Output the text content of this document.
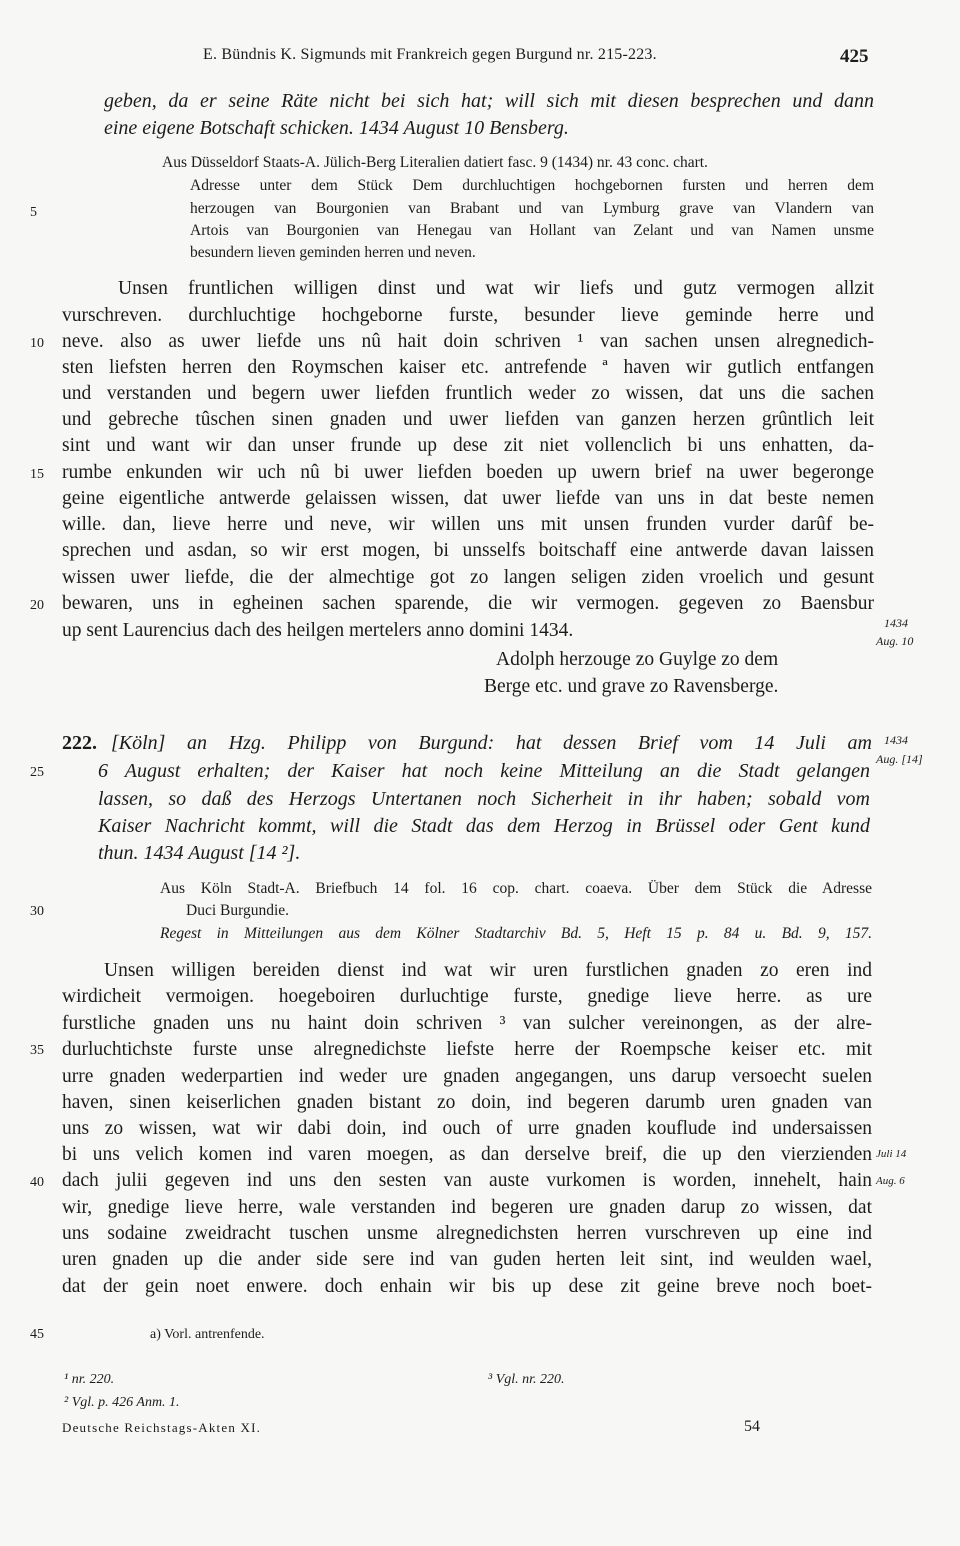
E. Bündnis K. Sigmunds mit Frankreich gegen Burgund nr. 215-223.	425
geben, da er seine Räte nicht bei sich hat; will sich mit diesen besprechen und dann
eine eigene Botschaft schicken. 1434 August 10 Bensberg.
Aus Düsseldorf Staats-A. Jülich-Berg Literalien datiert fasc. 9 (1434) nr. 43 conc. chart.
Adresse unter dem Stück Dem durchluchtigen hochgebornen fursten und herren dem
herzougen van Bourgonien van Brabant und van Lymburg grave van Vlandern van
Artois van Bourgonien van Henegau van Hollant van Zelant und van Namen unsme
besundern lieven geminden herren und neven.
Unsen fruntlichen willigen dinst und wat wir liefs und gutz vermogen allzit
vurschreven. durchluchtige hochgeborne furste, besunder lieve geminde herre und
neve. also as uwer liefde uns nû hait doin schriven ¹ van sachen unsen alregnedich-
sten liefsten herren den Roymschen kaiser etc. antrefende ª haven wir gutlich entfangen
und verstanden und begern uwer liefden fruntlich weder zo wissen, dat uns die sachen
und gebreche tûschen sinen gnaden und uwer liefden van ganzen herzen grûntlich leit
sint und want wir dan unser frunde up dese zit niet vollenclich bi uns enhatten, da-
rumbe enkunden wir uch nû bi uwer liefden boeden up uwern brief na uwer begeronge
geine eigentliche antwerde gelaissen wissen, dat uwer liefde van uns in dat beste nemen
wille. dan, lieve herre und neve, wir willen uns mit unsen frunden vurder darûf be-
sprechen und asdan, so wir erst mogen, bi unsselfs boitschaff eine antwerde davan laissen
wissen uwer liefde, die der almechtige got zo langen seligen ziden vroelich und gesunt
bewaren, uns in egheinen sachen sparende, die wir vermogen. gegeven zo Baensbur
up sent Laurencius dach des heilgen mertelers anno domini 1434.	1434
Aug. 10
Adolph herzouge zo Guylge zo dem
Berge etc. und grave zo Ravensberge.
222. [Köln] an Hzg. Philipp von Burgund: hat dessen Brief vom 14 Juli am
6 August erhalten; der Kaiser hat noch keine Mitteilung an die Stadt gelangen
lassen, so daß des Herzogs Untertanen noch Sicherheit in ihr haben; sobald vom
Kaiser Nachricht kommt, will die Stadt das dem Herzog in Brüssel oder Gent kund
thun. 1434 August [14 ²].
1434
Aug. [14]
Aus Köln Stadt-A. Briefbuch 14 fol. 16 cop. chart. coaeva. Über dem Stück die Adresse
Duci Burgundie.
Regest in Mitteilungen aus dem Kölner Stadtarchiv Bd. 5, Heft 15 p. 84 u. Bd. 9, 157.
Unsen willigen bereiden dienst ind wat wir uren furstlichen gnaden zo eren ind
wirdicheit vermoigen. hoegeboiren durluchtige furste, gnedige lieve herre. as ure
furstliche gnaden uns nu haint doin schriven ³ van sulcher vereinongen, as der alre-
durluchtichste furste unse alregnedichste liefste herre der Roempsche keiser etc. mit
urre gnaden wederpartien ind weder ure gnaden angegangen, uns darup versoecht suelen
haven, sinen keiserlichen gnaden bistant zo doin, ind begeren darumb uren gnaden van
uns zo wissen, wat wir dabi doin, ind ouch of urre gnaden kouflude ind undersaissen
bi uns velich komen ind varen moegen, as dan derselve breif, die up den vierzienden
dach julii gegeven ind uns den sesten van auste vurkomen is worden, innehelt, hain
wir, gnedige lieve herre, wale verstanden ind begeren ure gnaden darup zo wissen, dat
uns sodaine zweidracht tuschen unsme alregnedichsten herren vurschreven up eine ind
uren gnaden up die ander side sere ind van guden herten leit sint, ind weulden wael,
dat der gein noet enwere. doch enhain wir bis up dese zit geine breve noch boet-
Juli 14
Aug. 6
5
10
15
20
25
30
35
40
45	a) Vorl. antrenfende.
¹ nr. 220.
² Vgl. p. 426 Anm. 1.
³ Vgl. nr. 220.
Deutsche Reichstags-Akten XI.	54
